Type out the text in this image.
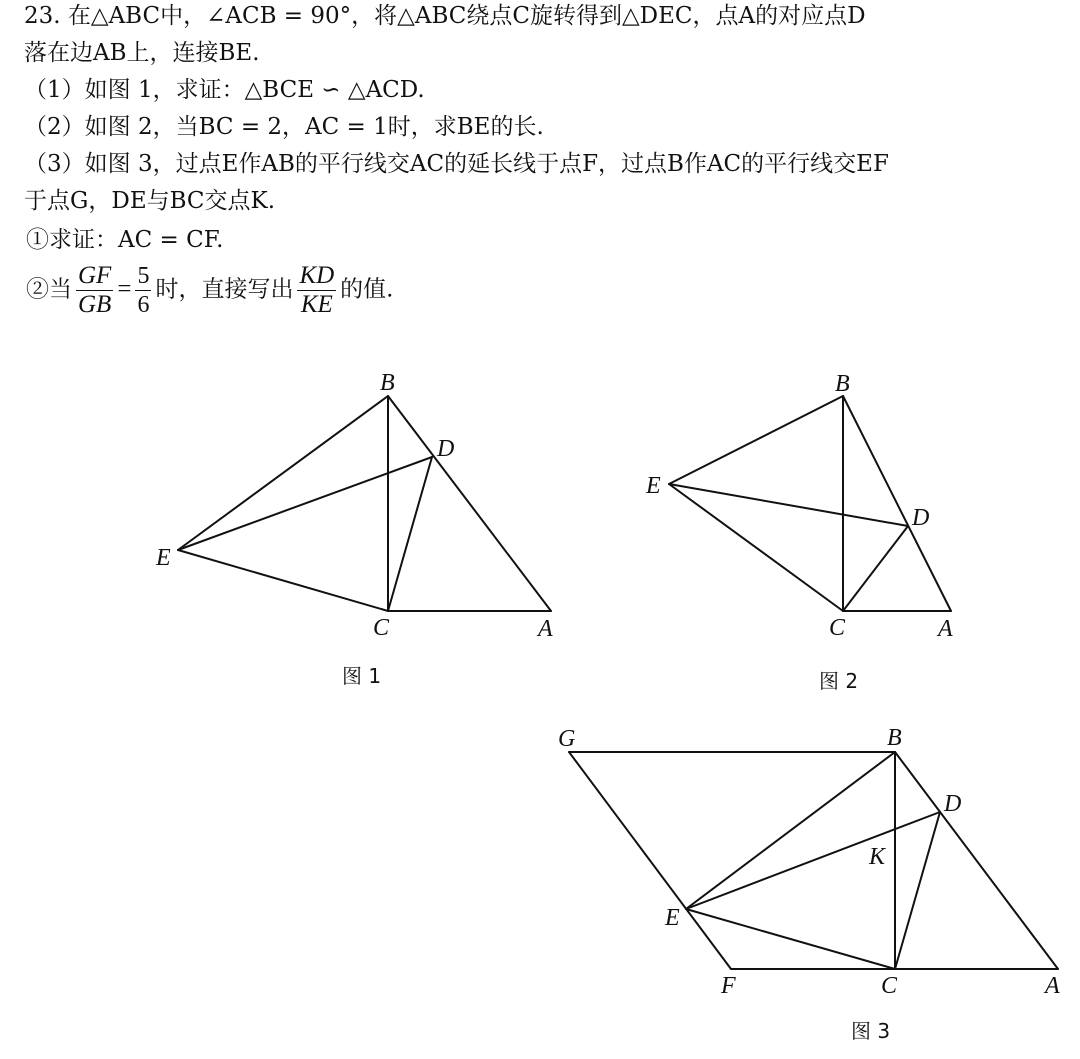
23. 在△ABC中，∠ACB = 90°，将△ABC绕点C旋转得到△DEC，点A的对应点D
落在边AB上，连接BE.
（1）如图 1，求证：△BCE ∽ △ACD.
（2）如图 2，当BC = 2，AC = 1时，求BE的长.
（3）如图 3，过点E作AB的平行线交AC的延长线于点F，过点B作AC的平行线交EF
于点G，DE与BC交点K.
①求证：AC = CF.
②当 $\frac{GF}{GB} = \frac{5}{6}$ 时，直接写出 $\frac{KD}{KE}$ 的值.
B
D
E
C	A
图 1
B
E
D
C	A
图 2
G	B
D
K
E
F	C	A
图 3
